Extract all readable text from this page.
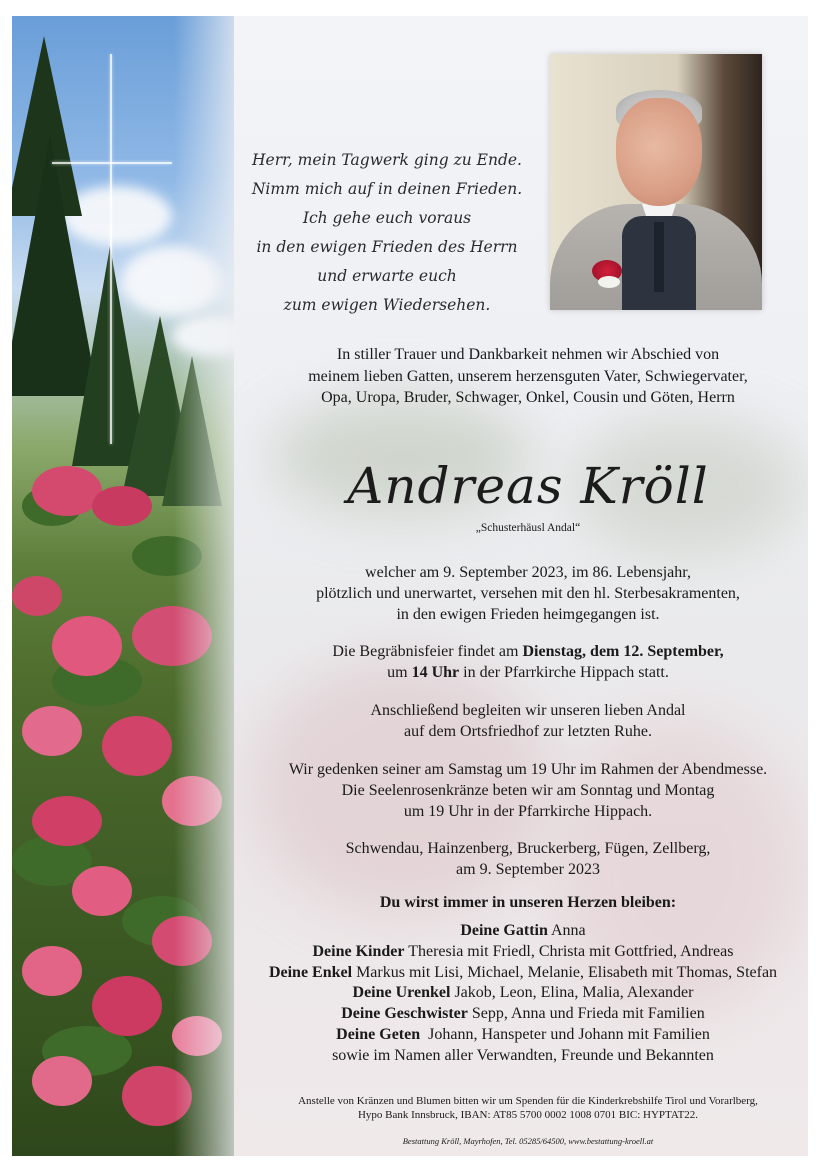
Herr, mein Tagwerk ging zu Ende.
Nimm mich auf in deinen Frieden.
Ich gehe euch voraus
in den ewigen Frieden des Herrn
und erwarte euch
zum ewigen Wiedersehen.
In stiller Trauer und Dankbarkeit nehmen wir Abschied von
meinem lieben Gatten, unserem herzensguten Vater, Schwiegervater,
Opa, Uropa, Bruder, Schwager, Onkel, Cousin und Göten, Herrn
Andreas Kröll
„Schusterhäusl Andal“
welcher am 9. September 2023, im 86. Lebensjahr,
plötzlich und unerwartet, versehen mit den hl. Sterbesakramenten,
in den ewigen Frieden heimgegangen ist.
Die Begräbnisfeier findet am Dienstag, dem 12. September,
um 14 Uhr in der Pfarrkirche Hippach statt.
Anschließend begleiten wir unseren lieben Andal
auf dem Ortsfriedhof zur letzten Ruhe.
Wir gedenken seiner am Samstag um 19 Uhr im Rahmen der Abendmesse.
Die Seelenrosenkränze beten wir am Sonntag und Montag
um 19 Uhr in der Pfarrkirche Hippach.
Schwendau, Hainzenberg, Bruckerberg, Fügen, Zellberg,
am 9. September 2023
Du wirst immer in unseren Herzen bleiben:
Deine Gattin Anna
Deine Kinder Theresia mit Friedl, Christa mit Gottfried, Andreas
Deine Enkel Markus mit Lisi, Michael, Melanie, Elisabeth mit Thomas, Stefan
Deine Urenkel Jakob, Leon, Elina, Malia, Alexander
Deine Geschwister Sepp, Anna und Frieda mit Familien
Deine Geten  Johann, Hanspeter und Johann mit Familien
sowie im Namen aller Verwandten, Freunde und Bekannten
Anstelle von Kränzen und Blumen bitten wir um Spenden für die Kinderkrebshilfe Tirol und Vorarlberg,
Hypo Bank Innsbruck, IBAN: AT85 5700 0002 1008 0701 BIC: HYPTAT22.
Bestattung Kröll, Mayrhofen, Tel. 05285/64500, www.bestattung-kroell.at
